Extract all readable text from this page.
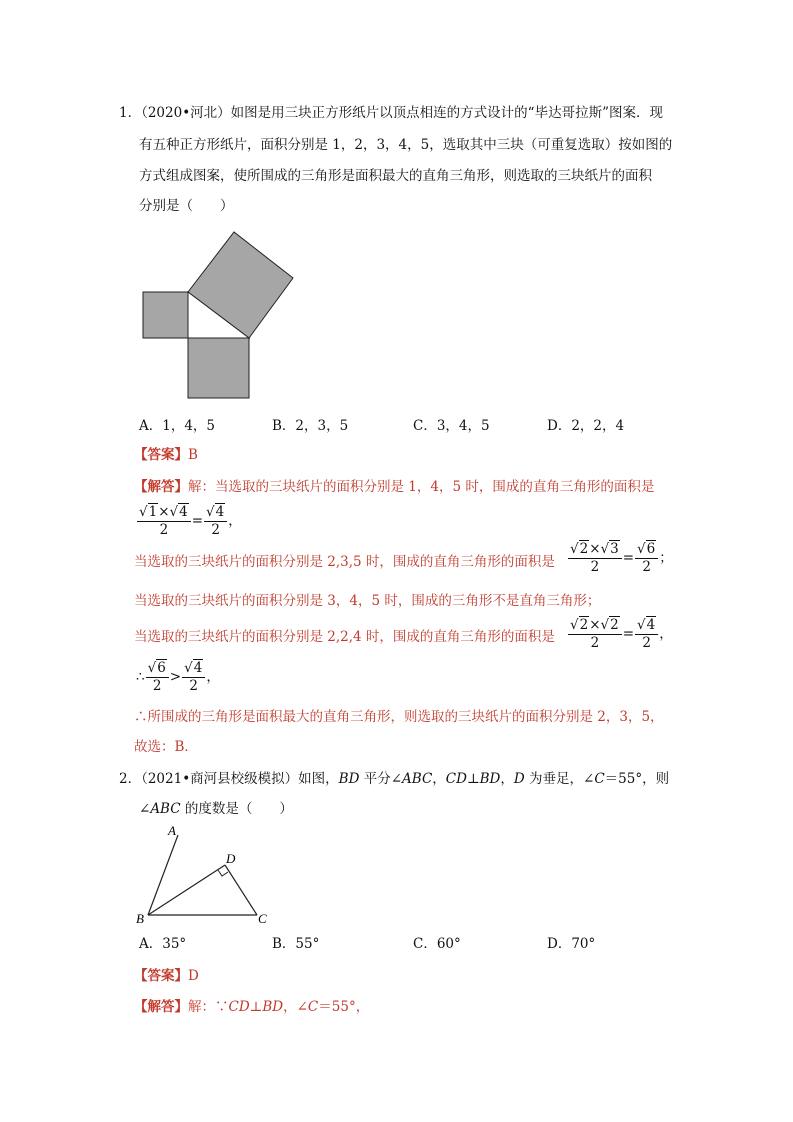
1．（2020•河北）如图是用三块正方形纸片以顶点相连的方式设计的“毕达哥拉斯”图案．现
有五种正方形纸片，面积分别是 1，2，3，4，5，选取其中三块（可重复选取）按如图的
方式组成图案，使所围成的三角形是面积最大的直角三角形，则选取的三块纸片的面积
分别是（　　）
A．1，4，5	B．2，3，5	C．3，4，5	D．2，2，4
【答案】B
【解答】解：当选取的三块纸片的面积分别是 1，4，5 时，围成的直角三角形的面积是
$\frac{√1\times√4}{2} = \frac{√4}{2}$ ，
当选取的三块纸片的面积分别是 2,3,5 时，围成的直角三角形的面积是 $\frac{√2\times√3}{2} = \frac{√6}{2}$ ；
当选取的三块纸片的面积分别是 3，4，5 时，围成的三角形不是直角三角形；
当选取的三块纸片的面积分别是 2,2,4 时，围成的直角三角形的面积是 $\frac{√2\times√2}{2} = \frac{√4}{2}$ ，
∴ $\frac{√6}{2} > \frac{√4}{2}$ ，
∴所围成的三角形是面积最大的直角三角形，则选取的三块纸片的面积分别是 2，3，5，
故选：B．
2．（2021•商河县校级模拟）如图，BD 平分∠ABC，CD⊥BD，D 为垂足，∠C＝55°，则
∠ABC 的度数是（　　）
A
B	C
D
A．35°	B．55°	C．60°	D．70°
【答案】D
【解答】解：∵CD⊥BD，∠C＝55°，
